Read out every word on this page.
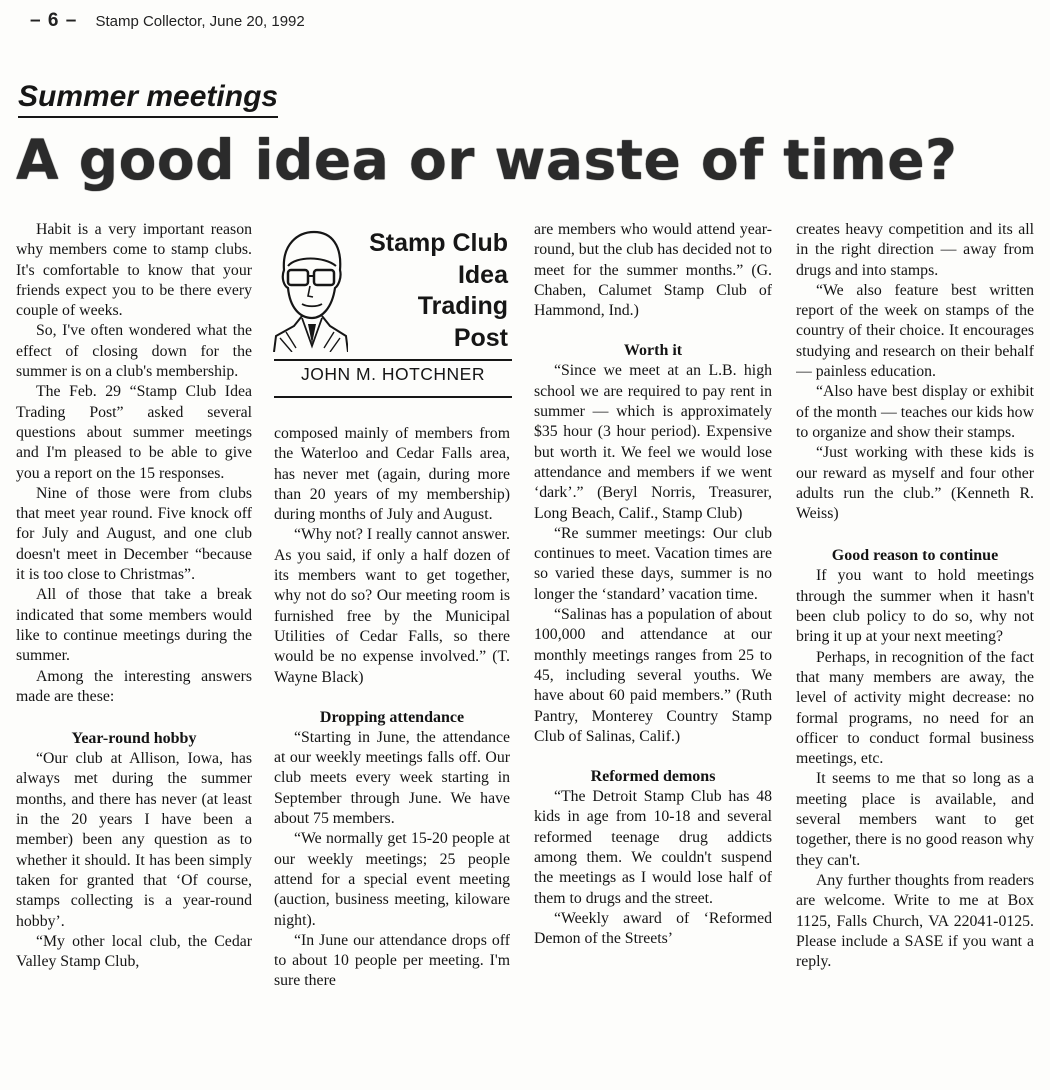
– 6 – Stamp Collector, June 20, 1992
Summer meetings
A good idea or waste of time?

Habit is a very important reason why members come to stamp clubs. It's comfortable to know that your friends expect you to be there every couple of weeks.

So, I've often wondered what the effect of closing down for the summer is on a club's membership.

The Feb. 29 “Stamp Club Idea Trading Post” asked several questions about summer meetings and I'm pleased to be able to give you a report on the 15 responses.

Nine of those were from clubs that meet year round. Five knock off for July and August, and one club doesn't meet in December “because it is too close to Christmas”.

All of those that take a break indicated that some members would like to continue meetings during the summer.

Among the interesting answers made are these:

Year-round hobby

“Our club at Allison, Iowa, has always met during the summer months, and there has never (at least in the 20 years I have been a member) been any question as to whether it should. It has been simply taken for granted that ‘Of course, stamps collecting is a year-round hobby’.

“My other local club, the Cedar Valley Stamp Club,

Stamp Club
Idea
Trading
Post
JOHN M. HOTCHNER

composed mainly of members from the Waterloo and Cedar Falls area, has never met (again, during more than 20 years of my membership) during months of July and August.

“Why not? I really cannot answer. As you said, if only a half dozen of its members want to get together, why not do so? Our meeting room is furnished free by the Municipal Utilities of Cedar Falls, so there would be no expense involved.” (T. Wayne Black)

Dropping attendance

“Starting in June, the attendance at our weekly meetings falls off. Our club meets every week starting in September through June. We have about 75 members.

“We normally get 15-20 people at our weekly meetings; 25 people attend for a special event meeting (auction, business meeting, kiloware night).

“In June our attendance drops off to about 10 people per meeting. I'm sure there

are members who would attend year-round, but the club has decided not to meet for the summer months.” (G. Chaben, Calumet Stamp Club of Hammond, Ind.)

Worth it

“Since we meet at an L.B. high school we are required to pay rent in summer — which is approximately $35 hour (3 hour period). Expensive but worth it. We feel we would lose attendance and members if we went ‘dark’.” (Beryl Norris, Treasurer, Long Beach, Calif., Stamp Club)

“Re summer meetings: Our club continues to meet. Vacation times are so varied these days, summer is no longer the ‘standard’ vacation time.

“Salinas has a population of about 100,000 and attendance at our monthly meetings ranges from 25 to 45, including several youths. We have about 60 paid members.” (Ruth Pantry, Monterey Country Stamp Club of Salinas, Calif.)

Reformed demons

“The Detroit Stamp Club has 48 kids in age from 10-18 and several reformed teenage drug addicts among them. We couldn't suspend the meetings as I would lose half of them to drugs and the street.

“Weekly award of ‘Reformed Demon of the Streets’

creates heavy competition and its all in the right direction — away from drugs and into stamps.

“We also feature best written report of the week on stamps of the country of their choice. It encourages studying and research on their behalf — painless education.

“Also have best display or exhibit of the month — teaches our kids how to organize and show their stamps.

“Just working with these kids is our reward as myself and four other adults run the club.” (Kenneth R. Weiss)

Good reason to continue

If you want to hold meetings through the summer when it hasn't been club policy to do so, why not bring it up at your next meeting?

Perhaps, in recognition of the fact that many members are away, the level of activity might decrease: no formal programs, no need for an officer to conduct formal business meetings, etc.

It seems to me that so long as a meeting place is available, and several members want to get together, there is no good reason why they can't.

Any further thoughts from readers are welcome. Write to me at Box 1125, Falls Church, VA 22041-0125. Please include a SASE if you want a reply.
